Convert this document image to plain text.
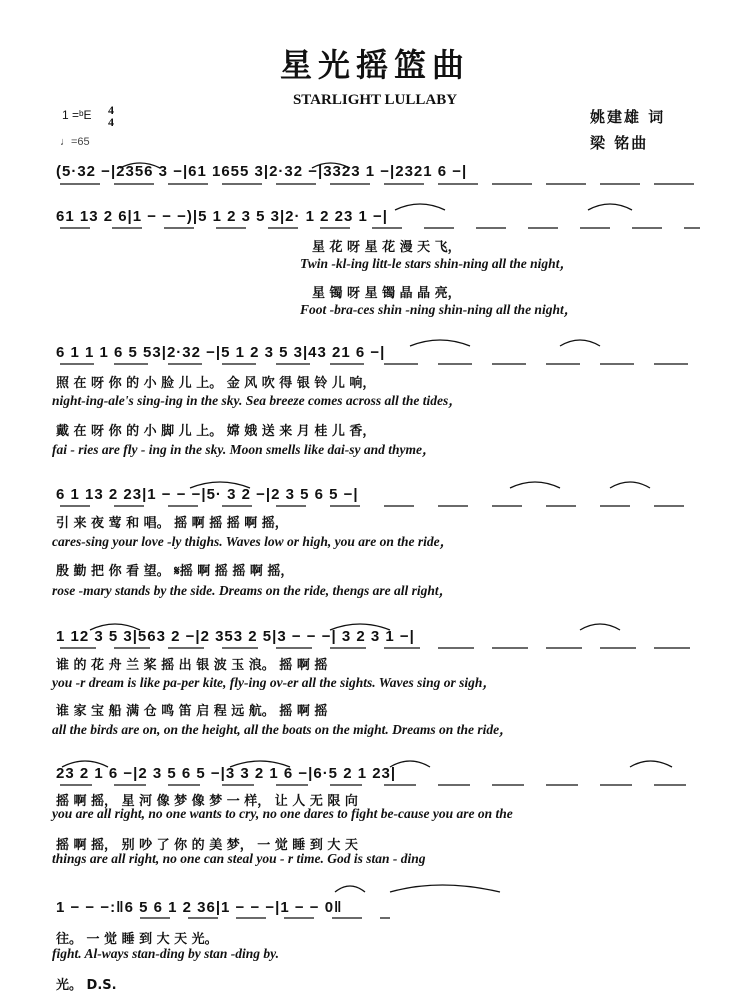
星光摇篮曲
STARLIGHT LULLABY
1 =ᵇE 4
4
♩=65
姚建雄 词
梁 铭曲
(5·32 −|2356 3 −|61 1655 3|2·32 −|3323 1 −|2321 6 −|
61 13 2 6|1 − − −)|5 1 2 3 5 3|2· 1 2 23 1 −|
星 花 呀 星 花 漫 天 飞，
Twin -kl-ing litt-le stars shin-ning all the night，
星 镯 呀 星 镯 晶 晶 亮，
Foot -bra-ces shin -ning shin-ning all the night，
6 1 1 1 6 5 53|2·32 −|5 1 2 3 5 3|43 21 6 −|
照 在 呀 你 的 小 脸 儿 上。 金 风 吹 得 银 铃 儿 响，
night-ing-ale's sing-ing in the sky. Sea breeze comes across all the tides，
戴 在 呀 你 的 小 脚 儿 上。 嫦 娥 送 来 月 桂 儿 香，
fai - ries are fly - ing in the sky. Moon smells like dai-sy and thyme，
6 1 13 2 23|1 − − −|5· 3 2 −|2 3 5 6 5 −|
引 来 夜 莺 和 唱。 摇 啊 摇 摇 啊 摇，
cares-sing your love -ly thighs. Waves low or high, you are on the ride，
殷 勤 把 你 看 望。 𝄋摇 啊 摇 摇 啊 摇，
rose -mary stands by the side. Dreams on the ride, thengs are all right，
1 12 3 5 3|563 2 −|2 353 2 5|3 − − −| 3 2 3 1 −|
谁 的 花 舟 兰 桨 摇 出 银 波 玉 浪。 摇 啊 摇
you -r dream is like pa-per kite, fly-ing ov-er all the sights. Waves sing or sigh，
谁 家 宝 船 满 仓 鸣 笛 启 程 远 航。 摇 啊 摇
all the birds are on, on the height, all the boats on the might. Dreams on the ride，
23 2 1 6 −|2 3 5 6 5 −|3 3 2 1 6 −|6·5 2 1 23|
摇 啊 摇， 星 河 像 梦 像 梦 一 样， 让 人 无 限 向
you are all right, no one wants to cry, no one dares to fight be-cause you are on the
摇 啊 摇， 别 吵 了 你 的 美 梦， 一 觉 睡 到 大 天
things are all right, no one can steal you - r time. God is stan - ding
1 − − −:‖6 5 6 1 2 36|1 − − −|1 − − 0‖
往。 一 觉 睡 到 大 天 光。
fight. Al-ways stan-ding by stan -ding by.
光。 D.S.
